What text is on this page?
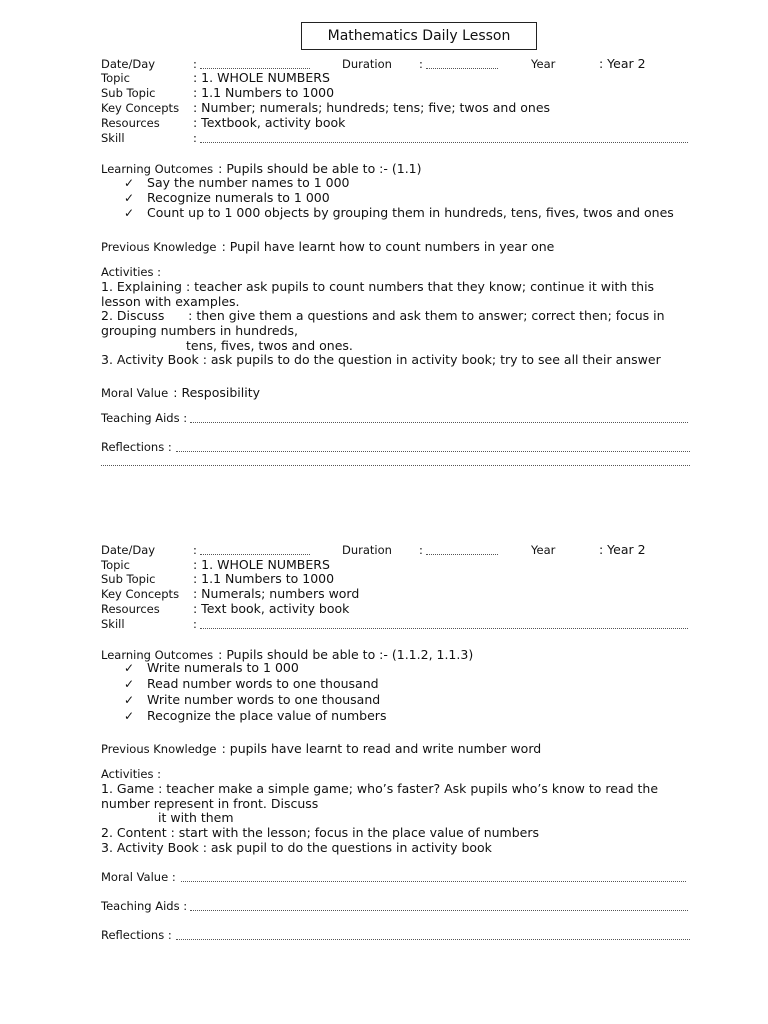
Mathematics Daily Lesson
Date/Day	:	Duration :	Year	: Year 2
Topic	: 1. WHOLE NUMBERS
Sub Topic	: 1.1 Numbers to 1000
Key Concepts : Number; numerals; hundreds; tens; five; twos and ones
Resources	: Textbook, activity book
Skill	:
Learning Outcomes : Pupils should be able to :- (1.1)
✓ Say the number names to 1 000
✓ Recognize numerals to 1 000
✓ Count up to 1 000 objects by grouping them in hundreds, tens, fives, twos and ones
Previous Knowledge : Pupil have learnt how to count numbers in year one
Activities :
1. Explaining : teacher ask pupils to count numbers that they know; continue it with this
lesson with examples.
2. Discuss      : then give them a questions and ask them to answer; correct then; focus in
grouping numbers in hundreds,
tens, fives, twos and ones.
3. Activity Book : ask pupils to do the question in activity book; try to see all their answer
Moral Value : Resposibility
Teaching Aids :
Reflections :
Date/Day	:	Duration :	Year	: Year 2
Topic	: 1. WHOLE NUMBERS
Sub Topic	: 1.1 Numbers to 1000
Key Concepts : Numerals; numbers word
Resources	: Text book, activity book
Skill	:
Learning Outcomes : Pupils should be able to :- (1.1.2, 1.1.3)
✓ Write numerals to 1 000
✓ Read number words to one thousand
✓ Write number words to one thousand
✓ Recognize the place value of numbers
Previous Knowledge : pupils have learnt to read and write number word
Activities :
1. Game : teacher make a simple game; who’s faster? Ask pupils who’s know to read the
number represent in front. Discuss
it with them
2. Content : start with the lesson; focus in the place value of numbers
3. Activity Book : ask pupil to do the questions in activity book
Moral Value :
Teaching Aids :
Reflections :
